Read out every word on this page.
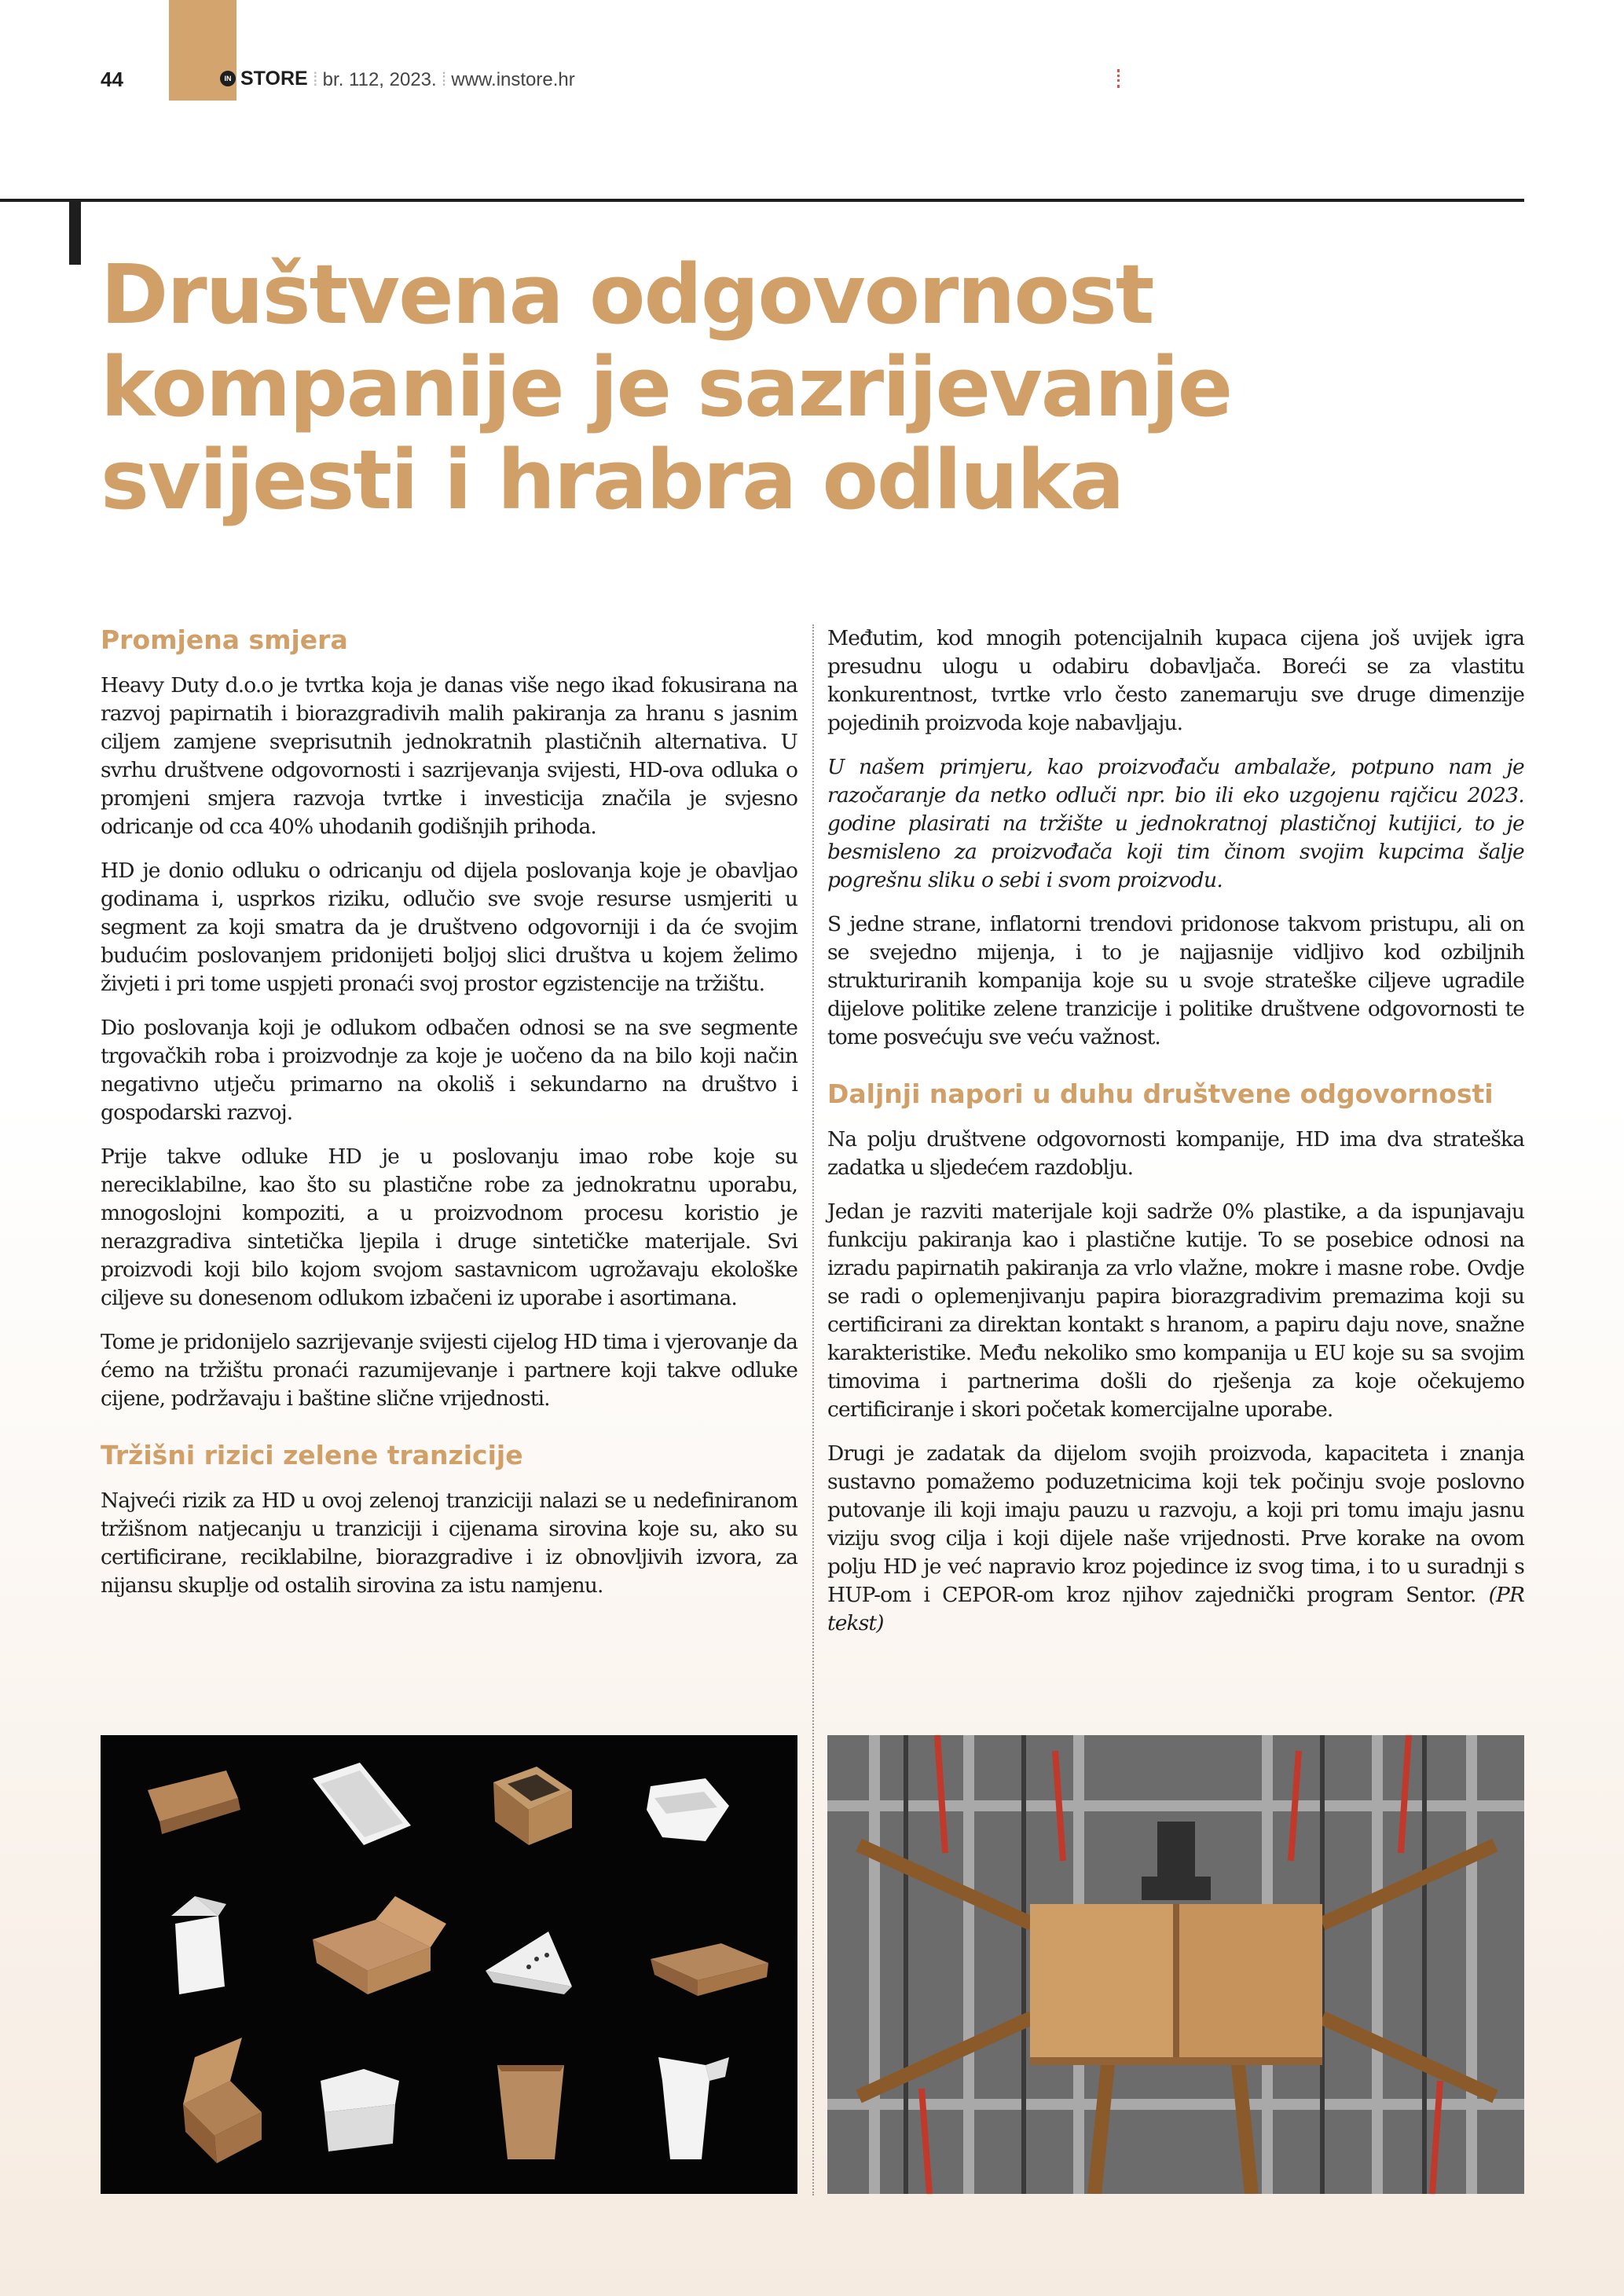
44	IN STORE ⁞ br. 112, 2023. ⁞ www.instore.hr
Društvena odgovornost
kompanije je sazrijevanje
svijesti i hrabra odluka
Promjena smjera

Heavy Duty d.o.o je tvrtka koja je danas više nego ikad fokusirana na razvoj papirnatih i biorazgradivih malih pakiranja za hranu s jasnim ciljem zamjene sveprisutnih jednokratnih plastičnih alternativa. U svrhu društvene odgovornosti i sazrijevanja svijesti, HD-ova odluka o promjeni smjera razvoja tvrtke i investicija značila je svjesno odricanje od cca 40% uhodanih godišnjih prihoda.

HD je donio odluku o odricanju od dijela poslovanja koje je obavljao godinama i, usprkos riziku, odlučio sve svoje resurse usmjeriti u segment za koji smatra da je društveno odgovorniji i da će svojim budućim poslovanjem pridonijeti boljoj slici društva u kojem želimo živjeti i pri tome uspjeti pronaći svoj prostor egzistencije na tržištu.

Dio poslovanja koji je odlukom odbačen odnosi se na sve segmente trgovačkih roba i proizvodnje za koje je uočeno da na bilo koji način negativno utječu primarno na okoliš i sekundarno na društvo i gospodarski razvoj.

Prije takve odluke HD je u poslovanju imao robe koje su nereciklabilne, kao što su plastične robe za jednokratnu uporabu, mnogoslojni kompoziti, a u proizvodnom procesu koristio je nerazgradiva sintetička ljepila i druge sintetičke materijale. Svi proizvodi koji bilo kojom svojom sastavnicom ugrožavaju ekološke ciljeve su donesenom odlukom izbačeni iz uporabe i asortimana.

Tome je pridonijelo sazrijevanje svijesti cijelog HD tima i vjerovanje da ćemo na tržištu pronaći razumijevanje i partnere koji takve odluke cijene, podržavaju i baštine slične vrijednosti.

Tržišni rizici zelene tranzicije

Najveći rizik za HD u ovoj zelenoj tranziciji nalazi se u nedefiniranom tržišnom natjecanju u tranziciji i cijenama sirovina koje su, ako su certificirane, reciklabilne, biorazgradive i iz obnovljivih izvora, za nijansu skuplje od ostalih sirovina za istu namjenu.

Međutim, kod mnogih potencijalnih kupaca cijena još uvijek igra presudnu ulogu u odabiru dobavljača. Boreći se za vlastitu konkurentnost, tvrtke vrlo često zanemaruju sve druge dimenzije pojedinih proizvoda koje nabavljaju.

U našem primjeru, kao proizvođaču ambalaže, potpuno nam je razočaranje da netko odluči npr. bio ili eko uzgojenu rajčicu 2023. godine plasirati na tržište u jednokratnoj plastičnoj kutijici, to je besmisleno za proizvođača koji tim činom svojim kupcima šalje pogrešnu sliku o sebi i svom proizvodu.

S jedne strane, inflatorni trendovi pridonose takvom pristupu, ali on se svejedno mijenja, i to je najjasnije vidljivo kod ozbiljnih strukturiranih kompanija koje su u svoje strateške ciljeve ugradile dijelove politike zelene tranzicije i politike društvene odgovornosti te tome posvećuju sve veću važnost.

Daljnji napori u duhu društvene odgovornosti

Na polju društvene odgovornosti kompanije, HD ima dva strateška zadatka u sljedećem razdoblju.

Jedan je razviti materijale koji sadrže 0% plastike, a da ispunjavaju funkciju pakiranja kao i plastične kutije. To se posebice odnosi na izradu papirnatih pakiranja za vrlo vlažne, mokre i masne robe. Ovdje se radi o oplemenjivanju papira biorazgradivim premazima koji su certificirani za direktan kontakt s hranom, a papiru daju nove, snažne karakteristike. Među nekoliko smo kompanija u EU koje su sa svojim timovima i partnerima došli do rješenja za koje očekujemo certificiranje i skori početak komercijalne uporabe.

Drugi je zadatak da dijelom svojih proizvoda, kapaciteta i znanja sustavno pomažemo poduzetnicima koji tek počinju svoje poslovno putovanje ili koji imaju pauzu u razvoju, a koji pri tomu imaju jasnu viziju svog cilja i koji dijele naše vrijednosti. Prve korake na ovom polju HD je već napravio kroz pojedince iz svog tima, i to u suradnji s HUP-om i CEPOR-om kroz njihov zajednički program Sentor. (PR tekst)
